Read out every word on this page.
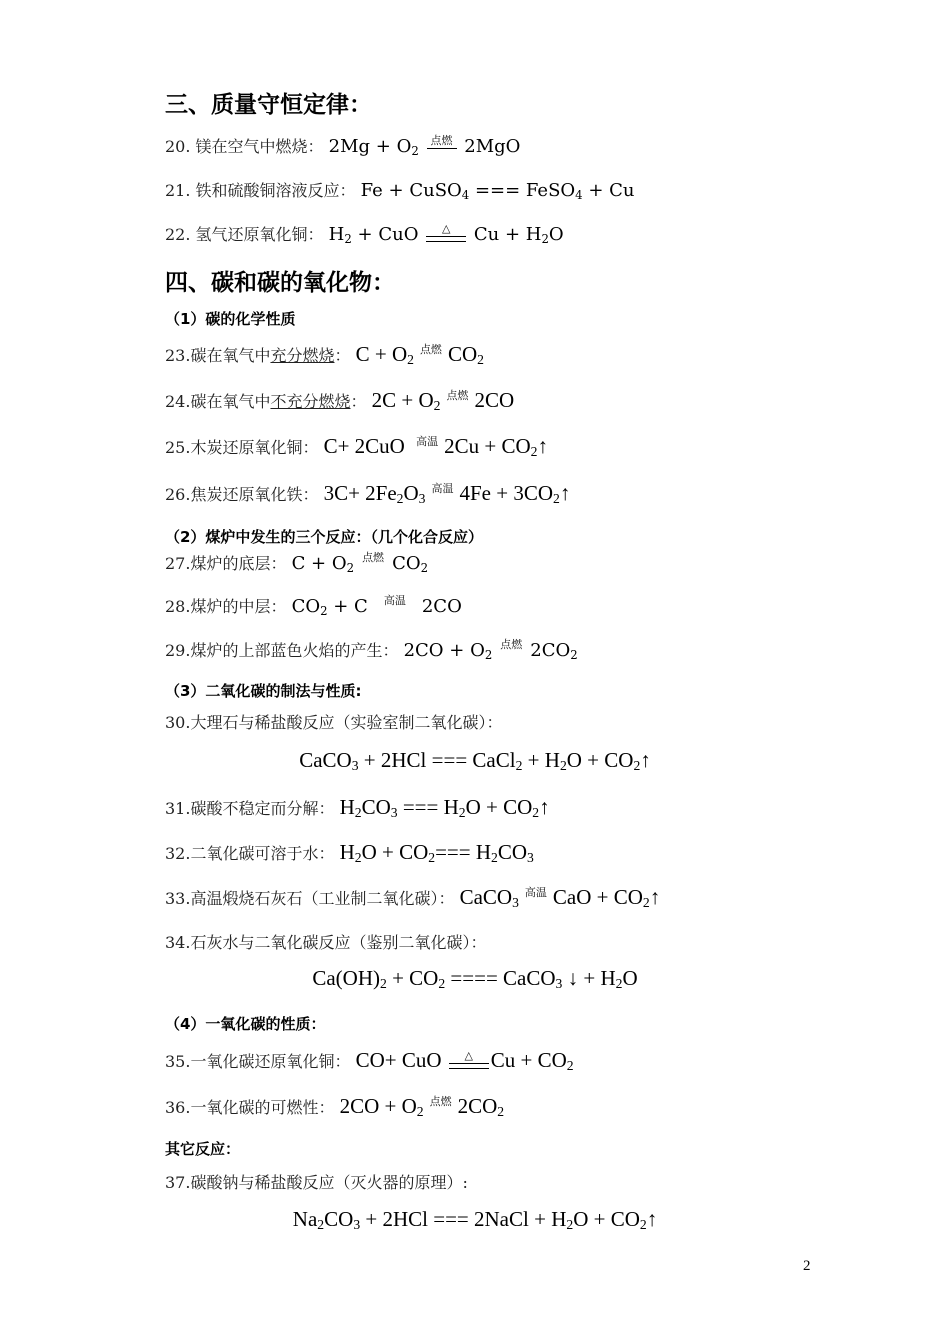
三、质量守恒定律：
20. 镁在空气中燃烧： $2Mg + O_2$
点燃 2MgO
21. 铁和硫酸铜溶液反应： Fe + CuSO$_4$ === FeSO$_4$ + Cu
22. 氢气还原氧化铜： $H_2$ + CuO	△ $Cu + H_2O$
四、碳和碳的氧化物：
（1）碳的化学性质
23.碳在氧气中充分燃烧： $C + O_2$
点燃 $CO_2$
24.碳在氧气中不充分燃烧： $2C + O_2$
点燃 2CO
25.木炭还原氧化铜： C+ 2CuO 高温 $2Cu + CO_2↑$
26.焦炭还原氧化铁： $3C+ 2Fe_2O_3$
高温 $4Fe + 3CO_2↑$
（2）煤炉中发生的三个反应：（几个化合反应）
27.煤炉的底层： $C + O_2$
点燃 $CO_2$
28.煤炉的中层： $CO_2 + C$	高温 2CO
29.煤炉的上部蓝色火焰的产生： $2CO + O_2$
点燃 $2CO_2$
（3）二氧化碳的制法与性质:
30.大理石与稀盐酸反应（实验室制二氧化碳）：
CaCO$_3$ + 2HCl === CaCl$_2$ + $H_2O$ + $CO_2↑$
31.碳酸不稳定而分解： $H_2CO_3$ === $H_2O$ + $CO_2↑$
32.二氧化碳可溶于水： $H_2O + CO_2=== H_2CO_3$
33.高温煅烧石灰石（工业制二氧化碳）： CaCO$_3$
高温 CaO + $CO_2↑$
34.石灰水与二氧化碳反应（鉴别二氧化碳）：
$Ca(OH)_2 + CO_2$ ==== CaCO$_3$ ↓ + $H_2O$
（4）一氧化碳的性质：
35.一氧化碳还原氧化铜： CO+ CuO	△ $Cu + CO_2$
36.一氧化碳的可燃性： $2CO + O_2$
点燃 $2CO_2$
其它反应：
37.碳酸钠与稀盐酸反应（灭火器的原理）:
$Na_2CO_3 + 2HCl$ === 2NaCl + $H_2O$ + $CO_2↑$
2
